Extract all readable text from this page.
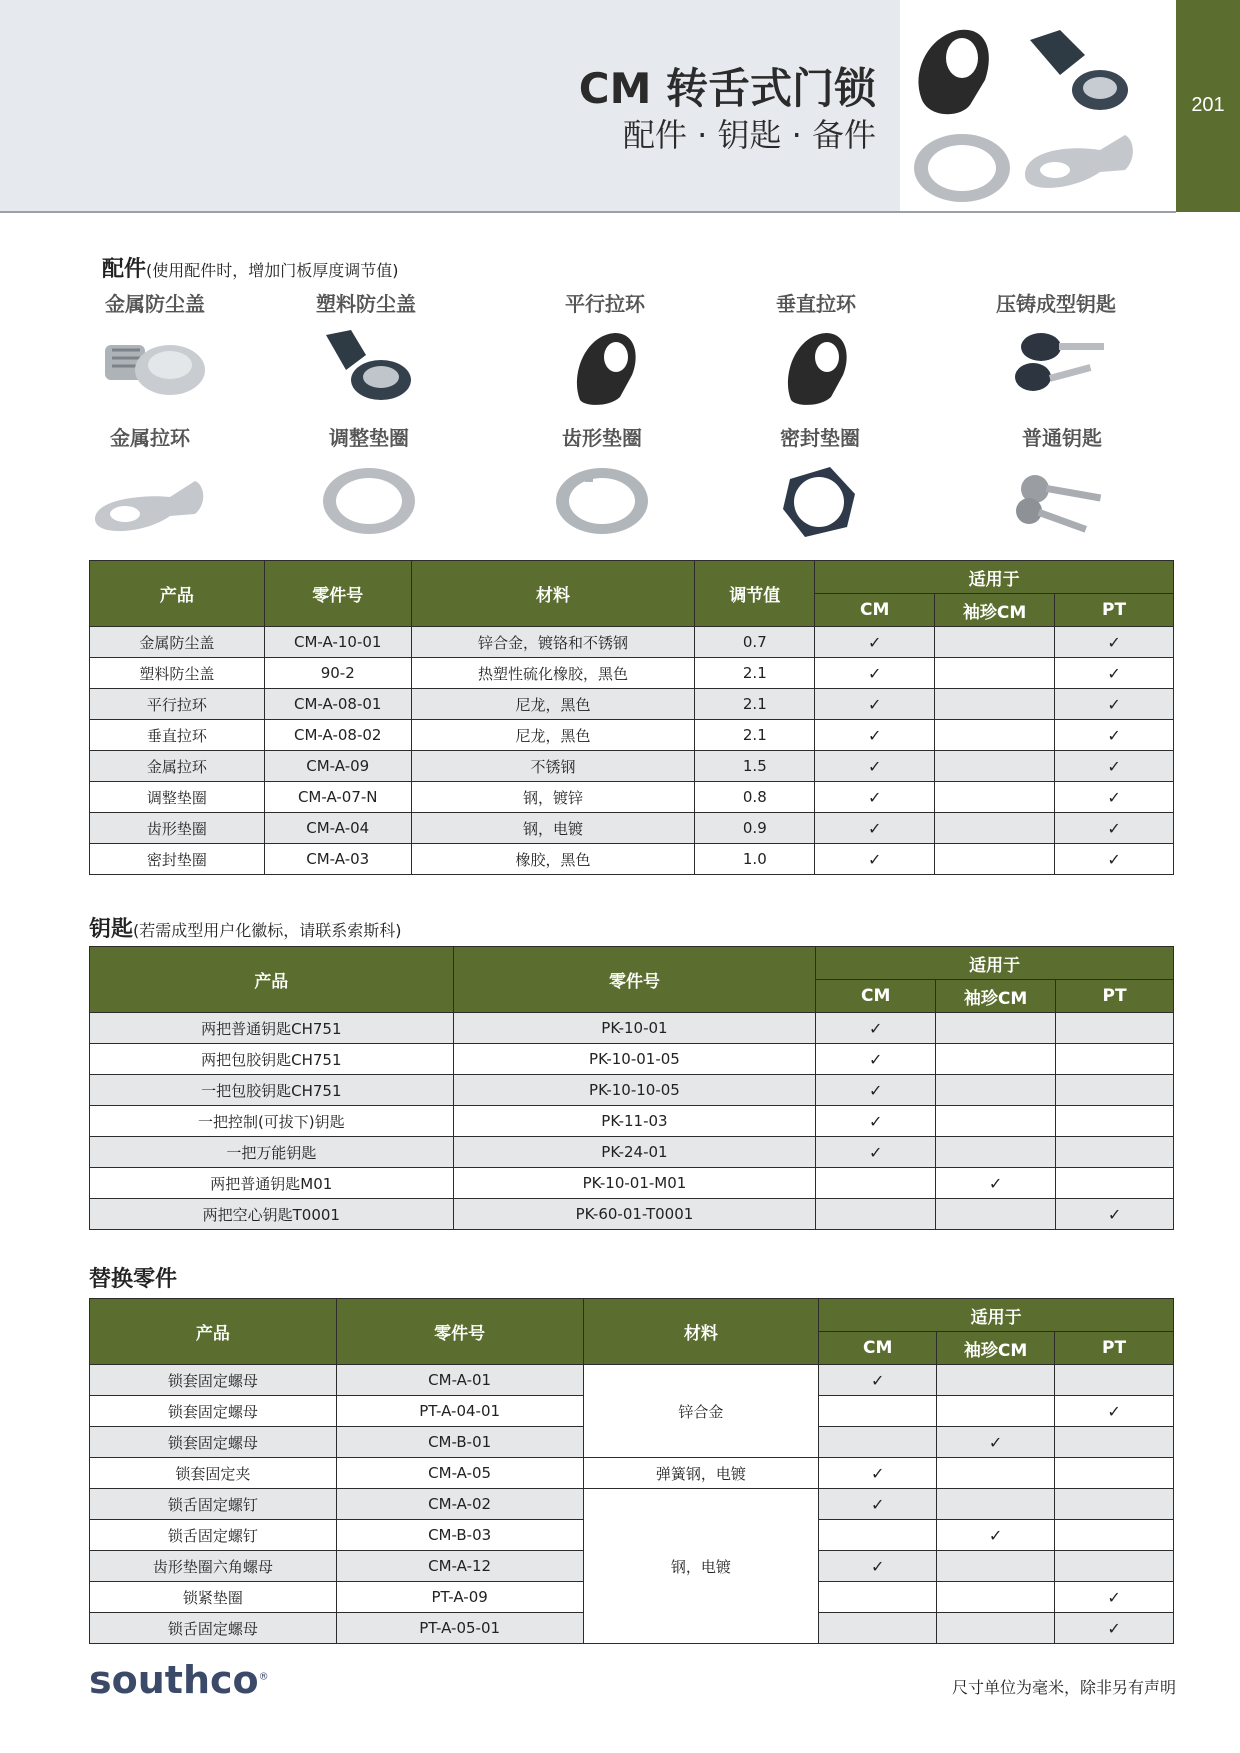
201
CM 转舌式门锁
配件 · 钥匙 · 备件
配件(使用配件时，增加门板厚度调节值)
金属防尘盖	塑料防尘盖	平行拉环	垂直拉环	压铸成型钥匙
金属拉环	调整垫圈	齿形垫圈	密封垫圈	普通钥匙
产品	零件号	材料	调节值	适用于		
				CM	袖珍CM	PT
金属防尘盖	CM-A-10-01	锌合金，镀铬和不锈钢	0.7	✓		✓
塑料防尘盖	90-2	热塑性硫化橡胶，黑色	2.1	✓		✓
平行拉环	CM-A-08-01	尼龙，黑色	2.1	✓		✓
垂直拉环	CM-A-08-02	尼龙，黑色	2.1	✓		✓
金属拉环	CM-A-09	不锈钢	1.5	✓		✓
调整垫圈	CM-A-07-N	钢，镀锌	0.8	✓		✓
齿形垫圈	CM-A-04	钢，电镀	0.9	✓		✓
密封垫圈	CM-A-03	橡胶，黑色	1.0	✓		✓
钥匙(若需成型用户化徽标，请联系索斯科)
产品	零件号	适用于		
		CM	袖珍CM	PT
两把普通钥匙CH751	PK-10-01	✓		
两把包胶钥匙CH751	PK-10-01-05	✓		
一把包胶钥匙CH751	PK-10-10-05	✓		
一把控制(可拔下)钥匙	PK-11-03	✓		
一把万能钥匙	PK-24-01	✓		
两把普通钥匙M01	PK-10-01-M01		✓	
两把空心钥匙T0001	PK-60-01-T0001			✓
替换零件
产品	零件号	材料	适用于		
			CM	袖珍CM	PT
锁套固定螺母	CM-A-01	锌合金	✓		
锁套固定螺母	PT-A-04-01				✓
锁套固定螺母	CM-B-01			✓	
锁套固定夹	CM-A-05	弹簧钢，电镀	✓		
锁舌固定螺钉	CM-A-02	钢，电镀	✓		
锁舌固定螺钉	CM-B-03			✓	
齿形垫圈六角螺母	CM-A-12		✓		
锁紧垫圈	PT-A-09				✓
锁舌固定螺母	PT-A-05-01				✓
southco®
尺寸单位为毫米，除非另有声明
